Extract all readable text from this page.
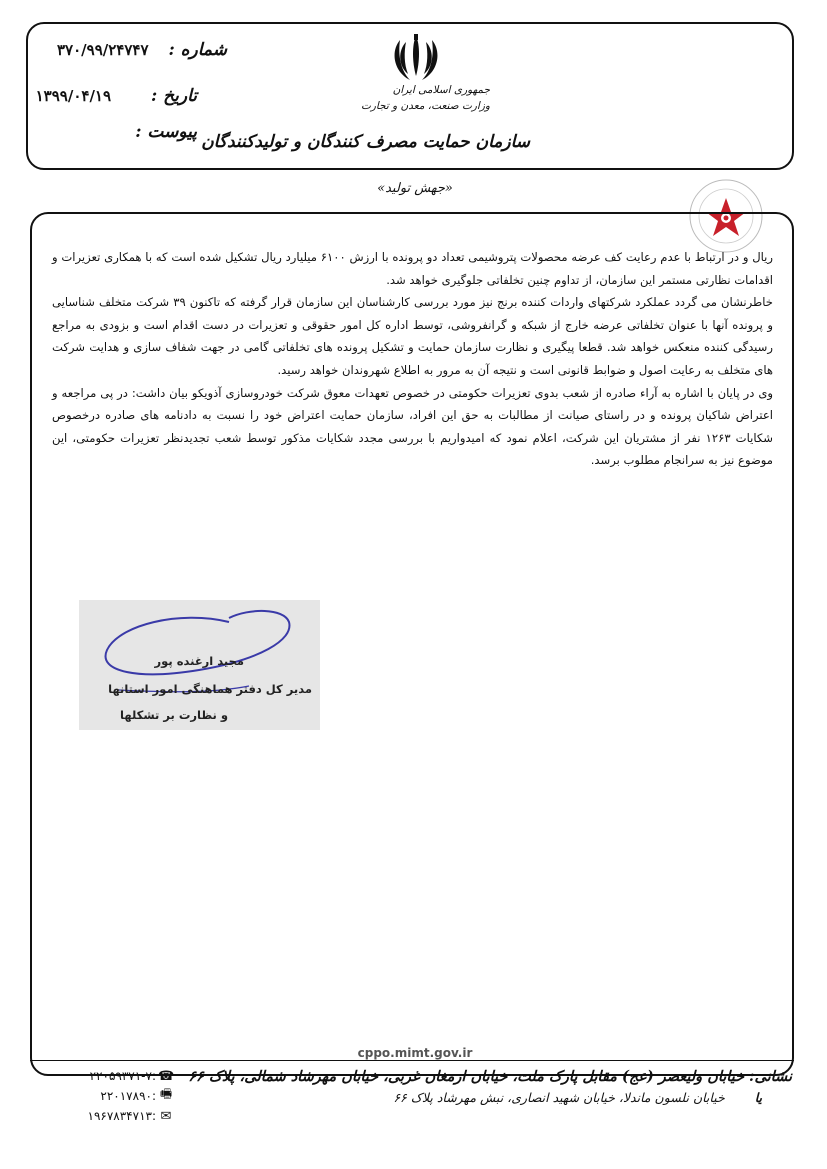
شماره : ۳۷۰/۹۹/۲۴۷۴۷
تاریخ : ۱۳۹۹/۰۴/۱۹
پیوست :
جمهوری اسلامی ایران
وزارت صنعت، معدن و تجارت
سازمان حمایت مصرف کنندگان و تولیدکنندگان
«جهش تولید»

ریال و در ارتباط با عدم رعایت کف عرضه محصولات پتروشیمی تعداد دو پرونده با ارزش ۶۱۰۰ میلیارد ریال تشکیل شده است که با همکاری تعزیرات و اقدامات نظارتی مستمر این سازمان، از تداوم چنین تخلفاتی جلوگیری خواهد شد.

خاطرنشان می گردد عملکرد شرکتهای واردات کننده برنج نیز مورد بررسی کارشناسان این سازمان قرار گرفته که تاکنون ۳۹ شرکت متخلف شناسایی و پرونده آنها با عنوان تخلفاتی عرضه خارج از شبکه و گرانفروشی، توسط اداره کل امور حقوقی و تعزیرات در دست اقدام است و بزودی به مراجع رسیدگی کننده منعکس خواهد شد. قطعا پیگیری و نظارت سازمان حمایت و تشکیل پرونده های تخلفاتی گامی در جهت شفاف سازی و هدایت شرکت های متخلف به رعایت اصول و ضوابط قانونی است و نتیجه آن به مرور به اطلاع شهروندان خواهد رسید.

وی در پایان با اشاره به آراء صادره از شعب بدوی تعزیرات حکومتی در خصوص تعهدات معوق شرکت خودروسازی آذویکو بیان داشت: در پی مراجعه و اعتراض شاکیان پرونده و در راستای صیانت از مطالبات به حق این افراد، سازمان حمایت اعتراض خود را نسبت به دادنامه های صادره درخصوص شکایات ۱۲۶۳ نفر از مشتریان این شرکت، اعلام نمود که امیدواریم با بررسی مجدد شکایات مذکور توسط شعب تجدیدنظر تعزیرات حکومتی، این موضوع نیز به سرانجام مطلوب برسد.

مجید ارغنده پور
مدیر کل دفتر هماهنگی امور استانها
و نظارت بر تشکلها
cppo.mimt.gov.ir
۲۲۰۵۹۳۷۱-۷: ☎
۲۲۰۱۷۸۹۰: 🖷
۱۹۶۷۸۳۴۷۱۳: ✉
نشانی: خیابان ولیعصر (عج) مقابل پارک ملت، خیابان ارمغان غربی، خیابان مهرشاد شمالی، پلاک ۶۶
یا خیابان نلسون ماندلا، خیابان شهید انصاری، نبش مهرشاد پلاک ۶۶
